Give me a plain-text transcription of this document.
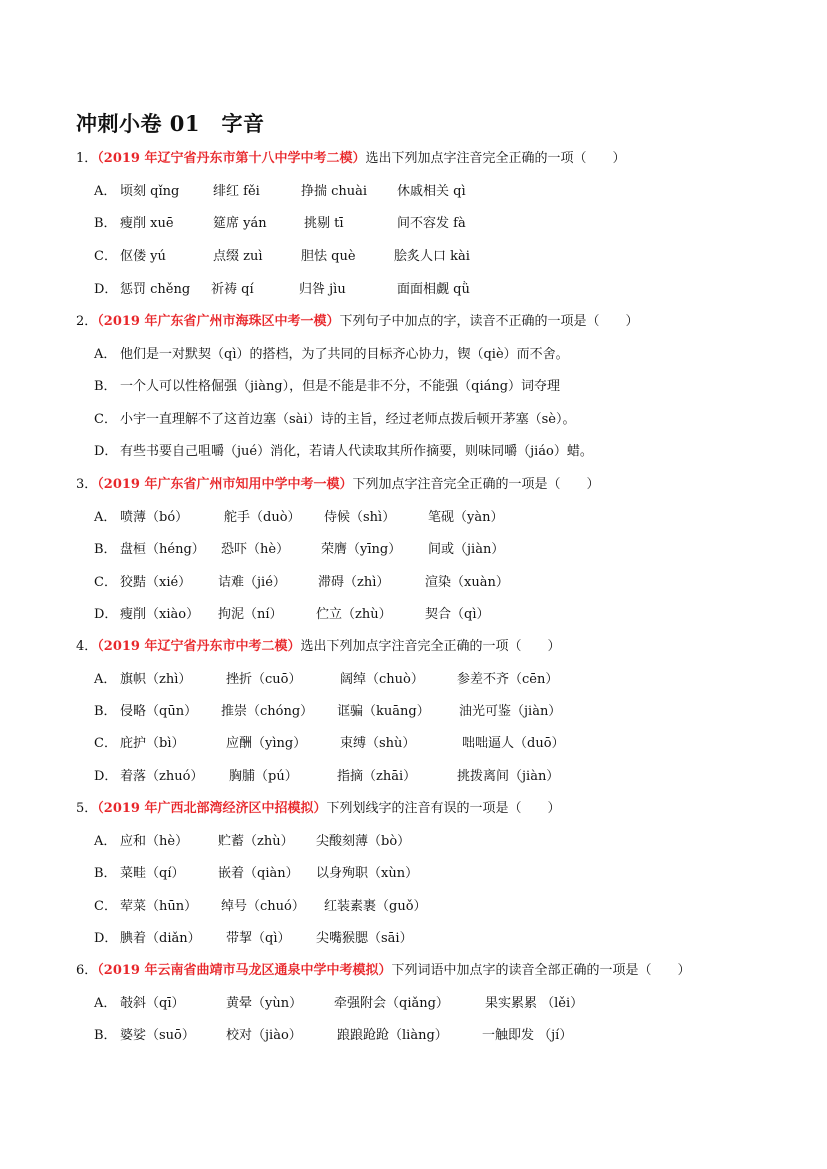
冲刺小卷 01　字音
1．（2019 年辽宁省丹东市第十八中学中考二模）选出下列加点字注音完全正确的一项（　　）
A． 顷刻 qǐng	绯红 fěi	挣揣 chuài 休戚相关 qì
B． 瘦削 xuē	筵席 yán	挑剔 tī	间不容发 fà
C． 伛偻 yú	点缀 zuì	胆怯 què	脍炙人口 kài
D． 惩罚 chěng 祈祷 qí	归咎 jìu	面面相觑 qǜ
2．（2019 年广东省广州市海珠区中考一模）下列句子中加点的字，读音不正确的一项是（　　）
A． 他们是一对默契（qì）的搭档，为了共同的目标齐心协力，锲（qiè）而不舍。
B． 一个人可以性格倔强（jiàng），但是不能是非不分，不能强（qiáng）词夺理
C． 小宇一直理解不了这首边塞（sài）诗的主旨，经过老师点拨后顿开茅塞（sè）。
D． 有些书要自己咀嚼（jué）消化，若请人代读取其所作摘要，则味同嚼（jiáo）蜡。
3．（2019 年广东省广州市知用中学中考一模）下列加点字注音完全正确的一项是（　　）
A． 喷薄（bó）	舵手（duò） 侍候（shì）	笔砚（yàn）
B． 盘桓（héng） 恐吓（hè） 荣膺（yīng） 间或（jiàn）
C． 狡黠（xié） 诘难（jié） 滞碍（zhì）	渲染（xuàn）
D． 瘦削（xiào） 拘泥（ní）	伫立（zhù）	契合（qì）
4．（2019 年辽宁省丹东市中考二模）选出下列加点字注音完全正确的一项（　　）
A． 旗帜（zhì）	挫折（cuō）	阔绰（chuò）	参差不齐（cēn）
B． 侵略（qūn） 推崇（chóng） 诓骗（kuāng） 油光可鉴（jiàn）
C． 庇护（bì）	应酬（yìng）	束缚（shù）	咄咄逼人（duō）
D． 着落（zhuó） 胸脯（pú）	指摘（zhāi）	挑拨离间（jiàn）
5．（2019 年广西北部湾经济区中招模拟）下列划线字的注音有误的一项是（　　）
A． 应和（hè） 贮蓄（zhù） 尖酸刻薄（bò）
B． 菜畦（qí）	嵌着（qiàn） 以身殉职（xùn）
C． 荤菜（hūn） 绰号（chuó） 红装素裹（guǒ）
D． 腆着（diǎn） 带挈（qì） 尖嘴猴腮（sāi）
6．（2019 年云南省曲靖市马龙区通泉中学中考模拟）下列词语中加点字的读音全部正确的一项是（　　）
A． 攲斜（qī）	黄晕（yùn） 牵强附会（qiǎng）	果实累累 （lěi）
B． 婆娑（suō） 校对（jiào）	踉踉跄跄（liàng）	一触即发 （jí）
